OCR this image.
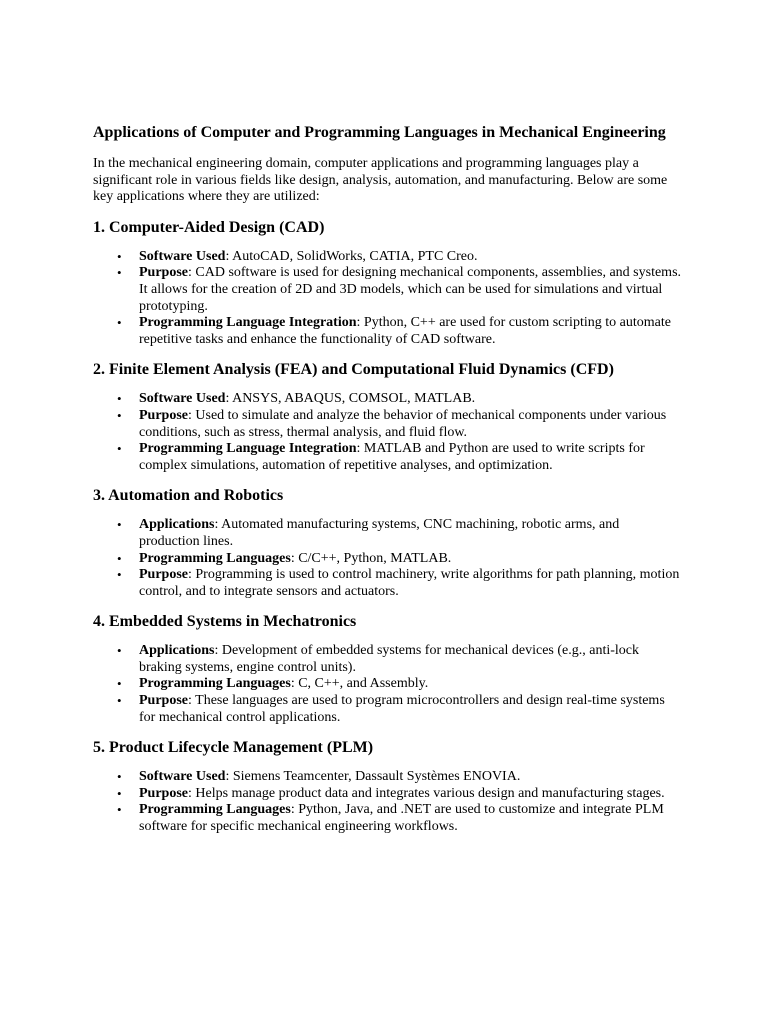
Applications of Computer and Programming Languages in Mechanical Engineering

In the mechanical engineering domain, computer applications and programming languages play a significant role in various fields like design, analysis, automation, and manufacturing. Below are some key applications where they are utilized:

1. Computer-Aided Design (CAD)
• Software Used: AutoCAD, SolidWorks, CATIA, PTC Creo.
• Purpose: CAD software is used for designing mechanical components, assemblies, and systems. It allows for the creation of 2D and 3D models, which can be used for simulations and virtual prototyping.
• Programming Language Integration: Python, C++ are used for custom scripting to automate repetitive tasks and enhance the functionality of CAD software.
2. Finite Element Analysis (FEA) and Computational Fluid Dynamics (CFD)
• Software Used: ANSYS, ABAQUS, COMSOL, MATLAB.
• Purpose: Used to simulate and analyze the behavior of mechanical components under various conditions, such as stress, thermal analysis, and fluid flow.
• Programming Language Integration: MATLAB and Python are used to write scripts for complex simulations, automation of repetitive analyses, and optimization.
3. Automation and Robotics
• Applications: Automated manufacturing systems, CNC machining, robotic arms, and production lines.
• Programming Languages: C/C++, Python, MATLAB.
• Purpose: Programming is used to control machinery, write algorithms for path planning, motion control, and to integrate sensors and actuators.
4. Embedded Systems in Mechatronics
• Applications: Development of embedded systems for mechanical devices (e.g., anti-lock braking systems, engine control units).
• Programming Languages: C, C++, and Assembly.
• Purpose: These languages are used to program microcontrollers and design real-time systems for mechanical control applications.
5. Product Lifecycle Management (PLM)
• Software Used: Siemens Teamcenter, Dassault Systèmes ENOVIA.
• Purpose: Helps manage product data and integrates various design and manufacturing stages.
• Programming Languages: Python, Java, and .NET are used to customize and integrate PLM software for specific mechanical engineering workflows.
